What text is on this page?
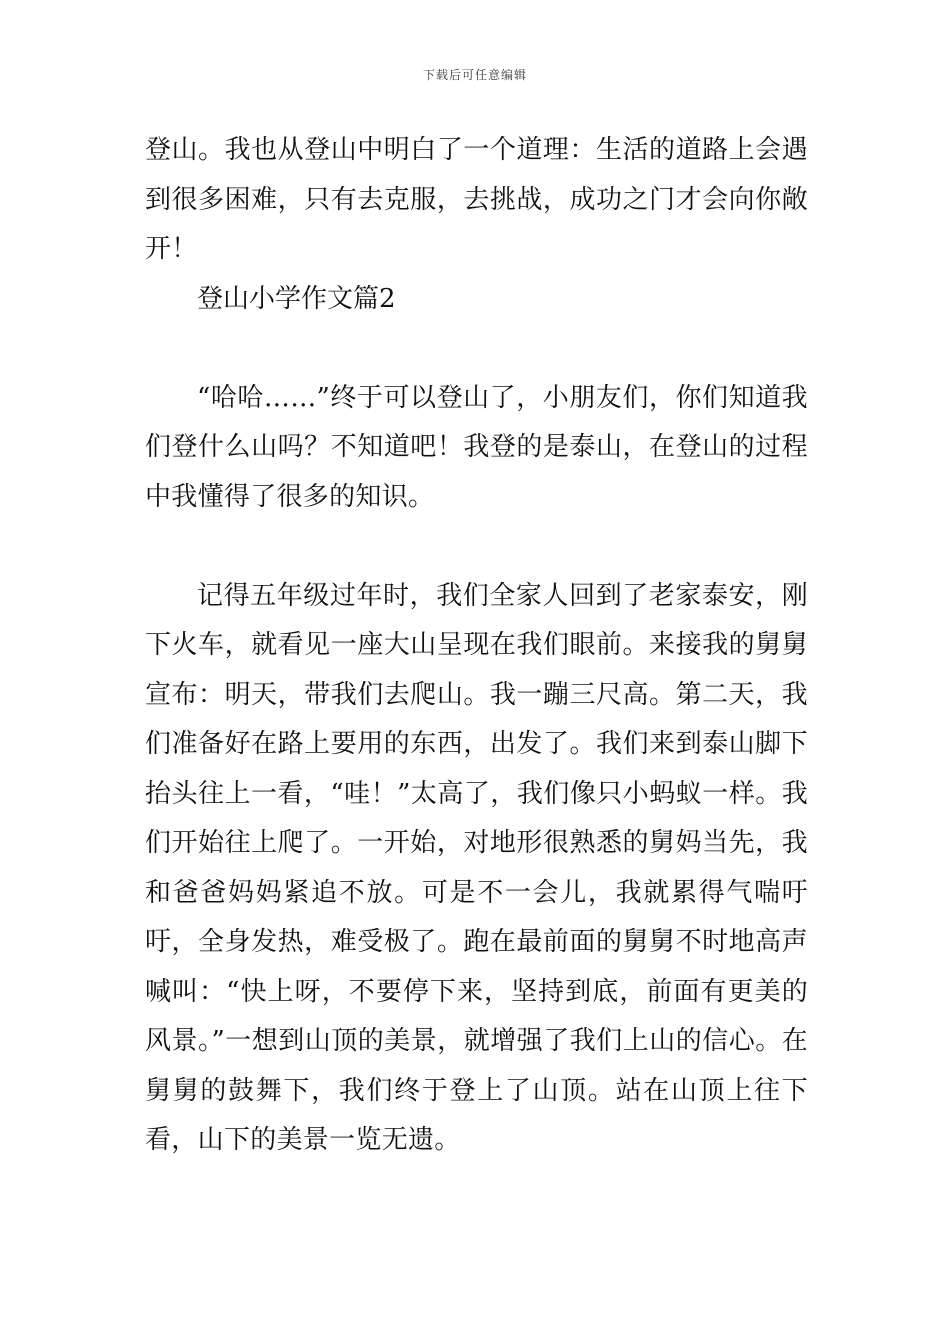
下载后可任意编辑

登山。我也从登山中明白了一个道理：生活的道路上会遇到很多困难，只有去克服，去挑战，成功之门才会向你敞开！

登山小学作文篇2

“哈哈……”终于可以登山了，小朋友们，你们知道我们登什么山吗？不知道吧！我登的是泰山，在登山的过程中我懂得了很多的知识。

记得五年级过年时，我们全家人回到了老家泰安，刚下火车，就看见一座大山呈现在我们眼前。来接我的舅舅宣布：明天，带我们去爬山。我一蹦三尺高。第二天，我们准备好在路上要用的东西，出发了。我们来到泰山脚下抬头往上一看，“哇！”太高了，我们像只小蚂蚁一样。我们开始往上爬了。一开始，对地形很熟悉的舅妈当先，我和爸爸妈妈紧追不放。可是不一会儿，我就累得气喘吁吁，全身发热，难受极了。跑在最前面的舅舅不时地高声喊叫：“快上呀，不要停下来，坚持到底，前面有更美的风景。”一想到山顶的美景，就增强了我们上山的信心。在舅舅的鼓舞下，我们终于登上了山顶。站在山顶上往下看，山下的美景一览无遗。
